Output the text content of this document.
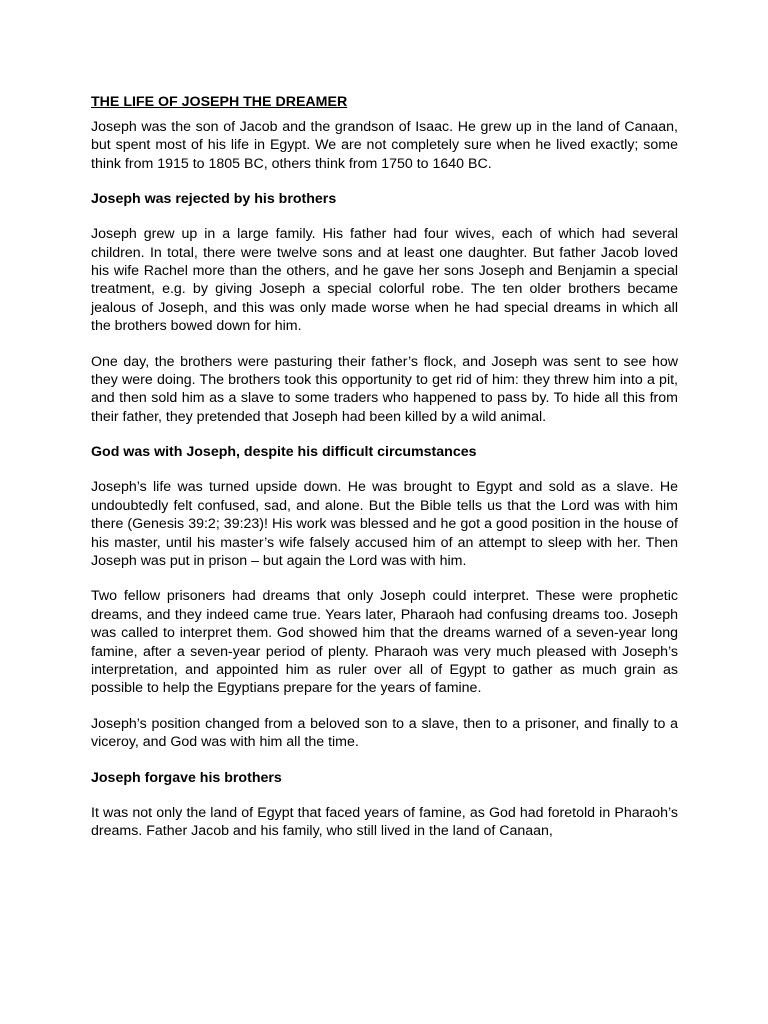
THE LIFE OF JOSEPH THE DREAMER
Joseph was the son of Jacob and the grandson of Isaac. He grew up in the land of Canaan, but spent most of his life in Egypt. We are not completely sure when he lived exactly; some think from 1915 to 1805 BC, others think from 1750 to 1640 BC.
Joseph was rejected by his brothers
Joseph grew up in a large family. His father had four wives, each of which had several children. In total, there were twelve sons and at least one daughter. But father Jacob loved his wife Rachel more than the others, and he gave her sons Joseph and Benjamin a special treatment, e.g. by giving Joseph a special colorful robe. The ten older brothers became jealous of Joseph, and this was only made worse when he had special dreams in which all the brothers bowed down for him.
One day, the brothers were pasturing their father’s flock, and Joseph was sent to see how they were doing. The brothers took this opportunity to get rid of him: they threw him into a pit, and then sold him as a slave to some traders who happened to pass by. To hide all this from their father, they pretended that Joseph had been killed by a wild animal.
God was with Joseph, despite his difficult circumstances
Joseph’s life was turned upside down. He was brought to Egypt and sold as a slave. He undoubtedly felt confused, sad, and alone. But the Bible tells us that the Lord was with him there (Genesis 39:2; 39:23)! His work was blessed and he got a good position in the house of his master, until his master’s wife falsely accused him of an attempt to sleep with her. Then Joseph was put in prison – but again the Lord was with him.
Two fellow prisoners had dreams that only Joseph could interpret. These were prophetic dreams, and they indeed came true. Years later, Pharaoh had confusing dreams too. Joseph was called to interpret them. God showed him that the dreams warned of a seven-year long famine, after a seven-year period of plenty. Pharaoh was very much pleased with Joseph’s interpretation, and appointed him as ruler over all of Egypt to gather as much grain as possible to help the Egyptians prepare for the years of famine.
Joseph’s position changed from a beloved son to a slave, then to a prisoner, and finally to a viceroy, and God was with him all the time.
Joseph forgave his brothers
It was not only the land of Egypt that faced years of famine, as God had foretold in Pharaoh’s dreams. Father Jacob and his family, who still lived in the land of Canaan,
